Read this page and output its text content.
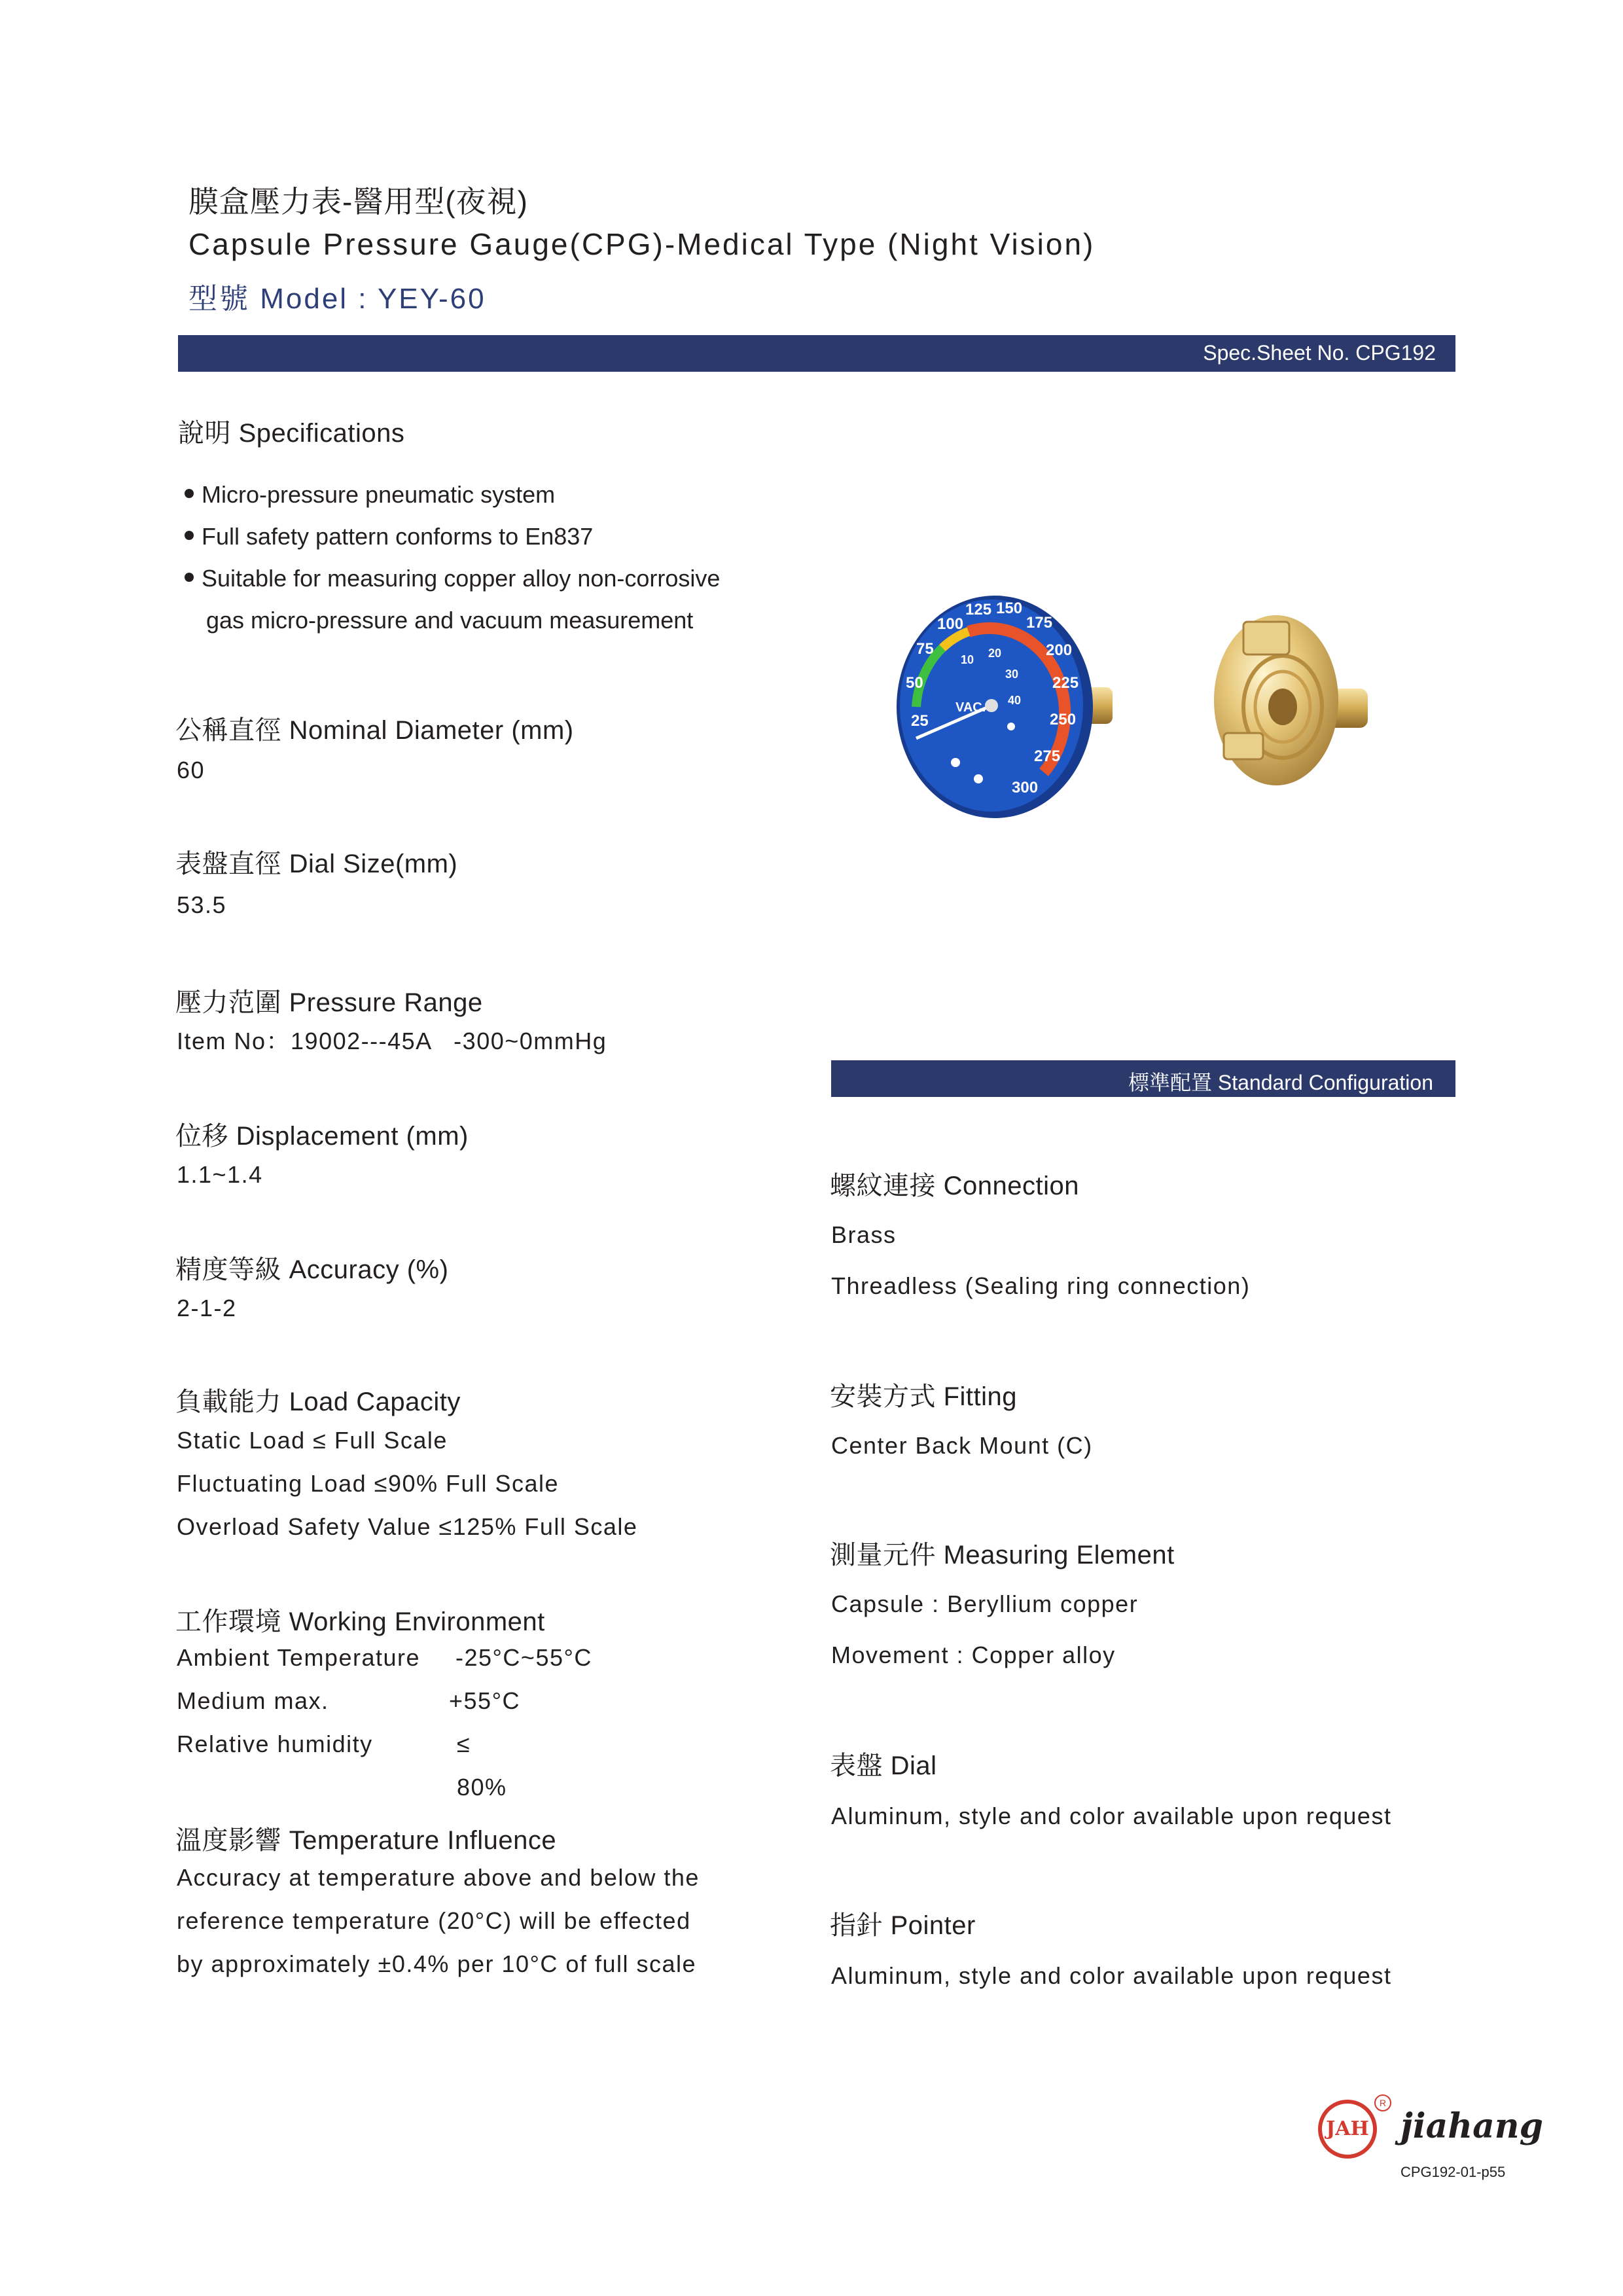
膜盒壓力表-醫用型(夜視)
Capsule Pressure Gauge(CPG)-Medical Type (Night Vision)
型號 Model : YEY-60
Spec.Sheet No. CPG192
說明 Specifications
Micro-pressure pneumatic system
Full safety pattern conforms to En837
Suitable for measuring copper alloy non-corrosive
gas micro-pressure and vacuum measurement
公稱直徑 Nominal Diameter (mm)
60
表盤直徑 Dial Size(mm)
53.5
壓力范圍 Pressure Range
Item No：19002---45A   -300~0mmHg
位移 Displacement (mm)
1.1~1.4
精度等級 Accuracy (%)
2-1-2
負載能力 Load Capacity
Static Load ≤ Full Scale
Fluctuating Load ≤90% Full Scale
Overload Safety Value ≤125% Full Scale
工作環境 Working Environment
Ambient Temperature -25°C~55°C
Medium max.	+55°C
Relative humidity	≤ 80%
溫度影響 Temperature Influence
Accuracy at temperature above and below the
reference temperature (20°C) will be effected
by approximately ±0.4% per 10°C of full scale
25
50
75
100
125 150
175
200
225
250
275
300
10 20
30
40
VAC.
標準配置 Standard Configuration
螺紋連接 Connection
Brass
Threadless (Sealing ring connection)
安裝方式 Fitting
Center Back Mount (C)
測量元件 Measuring Element
Capsule : Beryllium copper
Movement : Copper alloy
表盤 Dial
Aluminum, style and color available upon request
指針 Pointer
Aluminum, style and color available upon request
JAH
R
jiahang
CPG192-01-p55
